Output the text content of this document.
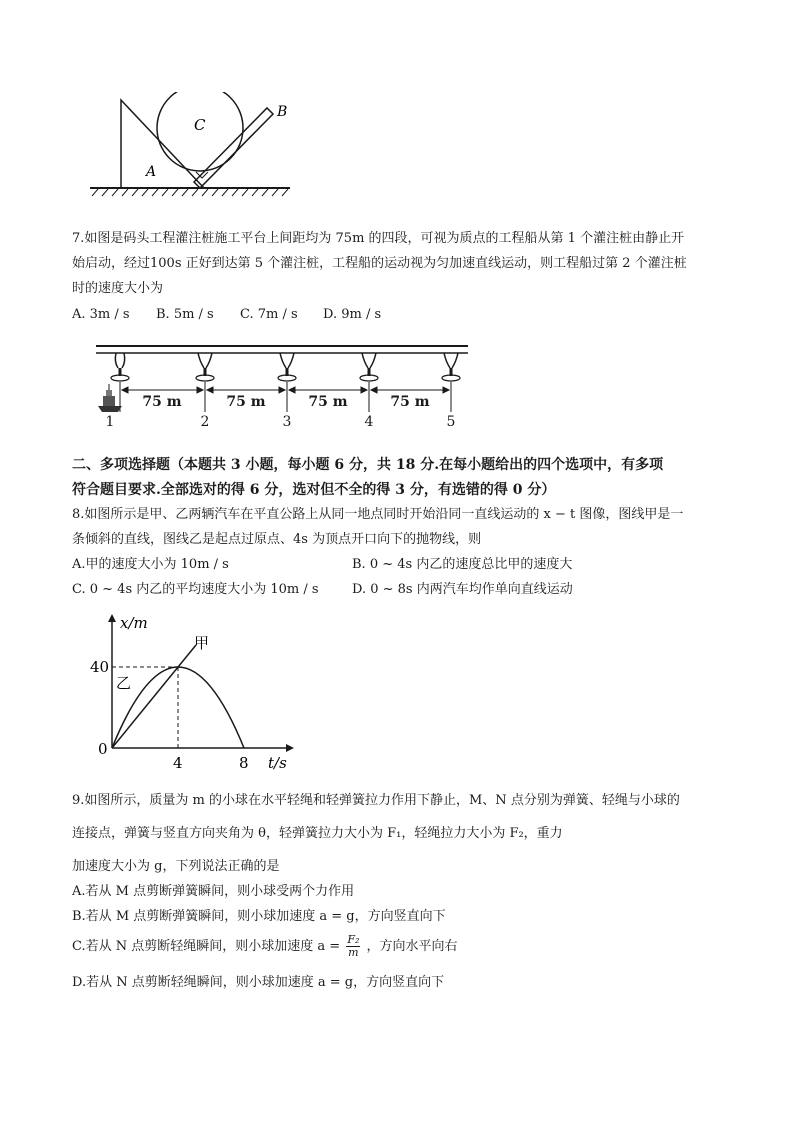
C
B
A
7.如图是码头工程灌注桩施工平台上间距均为 75m 的四段，可视为质点的工程船从第 1 个灌注桩由静止开
始启动，经过100s 正好到达第 5 个灌注桩，工程船的运动视为匀加速直线运动，则工程船过第 2 个灌注桩
时的速度大小为
A. 3m / s B. 5m / s C. 7m / s D. 9m / s
75 m	75 m	75 m	75 m
1	2	3	4	5
二、多项选择题（本题共 3 小题，每小题 6 分，共 18 分.在每小题给出的四个选项中，有多项
符合题目要求.全部选对的得 6 分，选对但不全的得 3 分，有选错的得 0 分）
8.如图所示是甲、乙两辆汽车在平直公路上从同一地点同时开始沿同一直线运动的 x − t 图像，图线甲是一
条倾斜的直线，图线乙是起点过原点、4s 为顶点开口向下的抛物线，则
A.甲的速度大小为 10m / s	B. 0 ~ 4s 内乙的速度总比甲的速度大
C. 0 ~ 4s 内乙的平均速度大小为 10m / s	D. 0 ~ 8s 内两汽车均作单向直线运动
x/m
t/s
40
4	8
0
甲
乙
9.如图所示，质量为 m 的小球在水平轻绳和轻弹簧拉力作用下静止，M、N 点分别为弹簧、轻绳与小球的
连接点，弹簧与竖直方向夹角为 θ，轻弹簧拉力大小为 F₁，轻绳拉力大小为 F₂，重力
加速度大小为 g，下列说法正确的是
A.若从 M 点剪断弹簧瞬间，则小球受两个力作用
B.若从 M 点剪断弹簧瞬间，则小球加速度 a = g，方向竖直向下
C.若从 N 点剪断轻绳瞬间，则小球加速度 $a = \frac{\text{F₂}}{m}$ ，方向水平向右
D.若从 N 点剪断轻绳瞬间，则小球加速度 a = g，方向竖直向下
